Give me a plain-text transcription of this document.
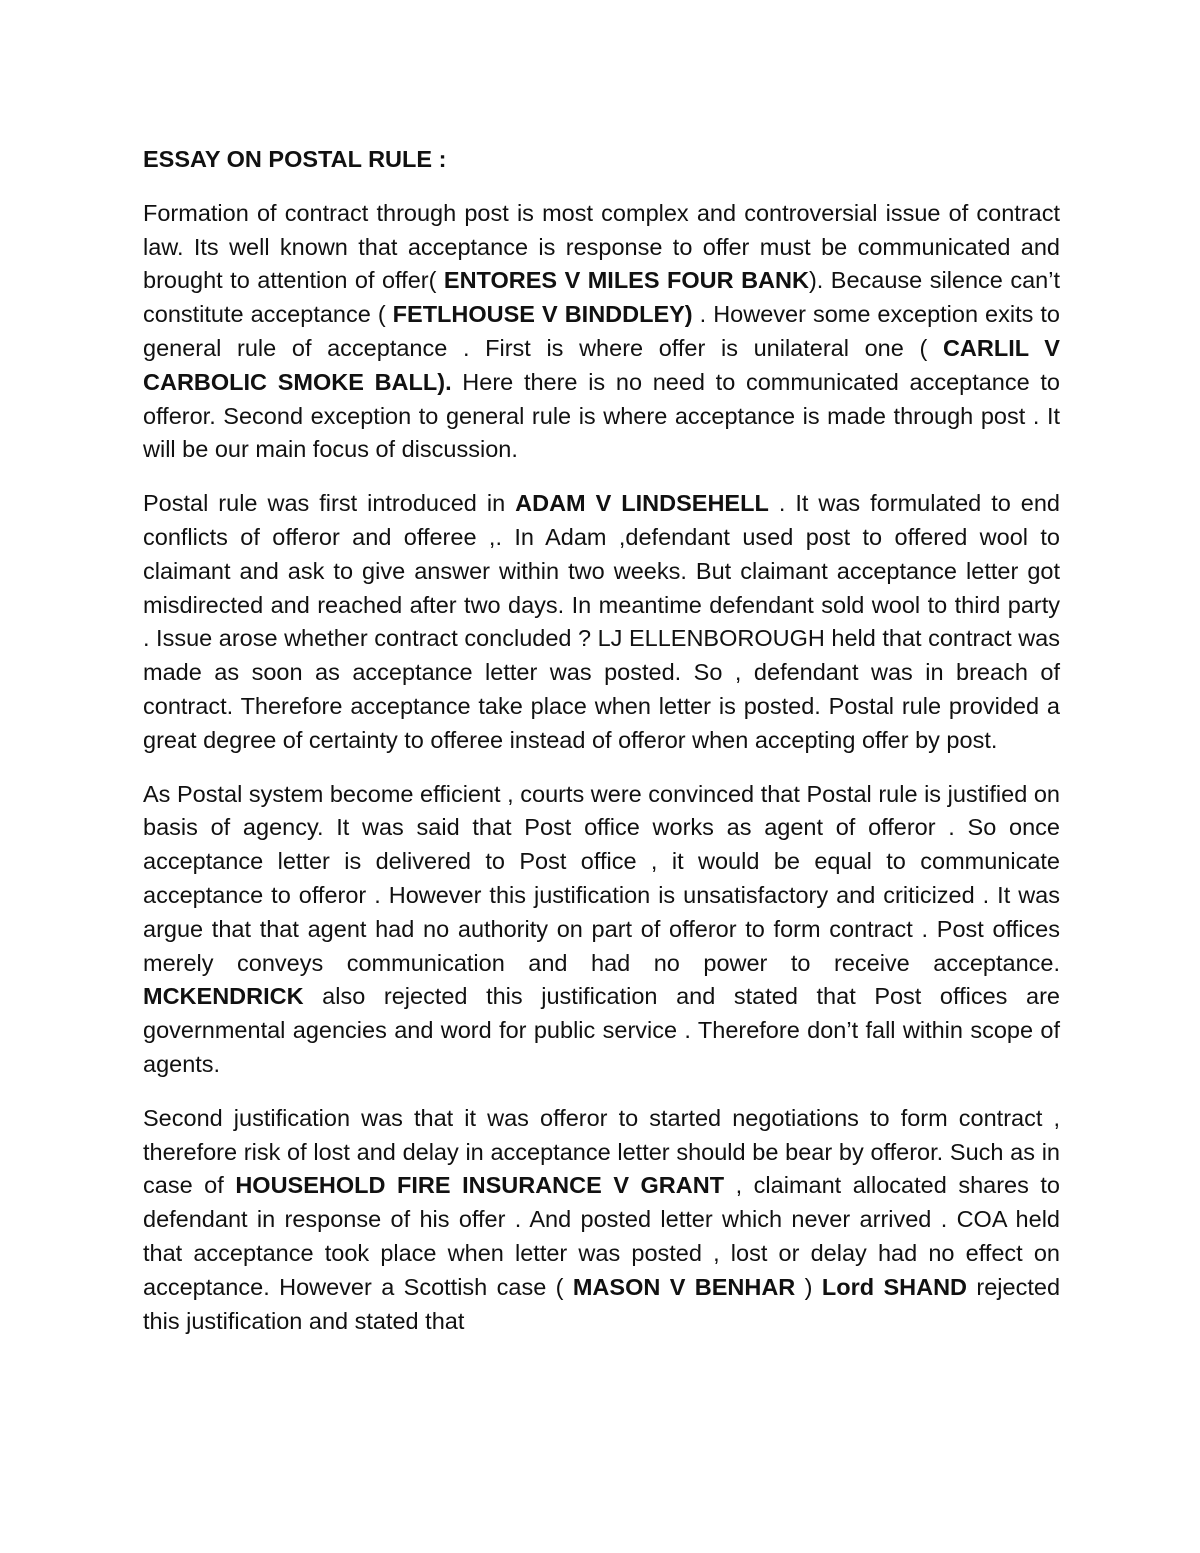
ESSAY ON POSTAL RULE :

Formation of contract through post is most complex and controversial issue of contract law. Its well known that acceptance is response to offer must be communicated and brought to attention of offer( ENTORES V MILES FOUR BANK). Because silence can’t constitute acceptance ( FETLHOUSE V BINDDLEY) . However some exception exits to general rule of acceptance . First is where offer is unilateral one ( CARLIL V CARBOLIC SMOKE BALL). Here there is no need to communicated acceptance to offeror. Second exception to general rule is where acceptance is made through post . It will be our main focus of discussion.

Postal rule was first introduced in ADAM V LINDSEHELL . It was formulated to end conflicts of offeror and offeree ,. In Adam ,defendant used post to offered wool to claimant and ask to give answer within two weeks. But claimant acceptance letter got misdirected and reached after two days. In meantime defendant sold wool to third party . Issue arose whether contract concluded ? LJ ELLENBOROUGH held that contract was made as soon as acceptance letter was posted. So , defendant was in breach of contract. Therefore acceptance take place when letter is posted. Postal rule provided a great degree of certainty to offeree instead of offeror when accepting offer by post.

As Postal system become efficient , courts were convinced that Postal rule is justified on basis of agency. It was said that Post office works as agent of offeror . So once acceptance letter is delivered to Post office , it would be equal to communicate acceptance to offeror . However this justification is unsatisfactory and criticized . It was argue that that agent had no authority on part of offeror to form contract . Post offices merely conveys communication and had no power to receive acceptance. MCKENDRICK also rejected this justification and stated that Post offices are governmental agencies and word for public service . Therefore don’t fall within scope of agents.

Second justification was that it was offeror to started negotiations to form contract , therefore risk of lost and delay in acceptance letter should be bear by offeror. Such as in case of HOUSEHOLD FIRE INSURANCE V GRANT , claimant allocated shares to defendant in response of his offer . And posted letter which never arrived . COA held that acceptance took place when letter was posted , lost or delay had no effect on acceptance. However a Scottish case ( MASON V BENHAR ) Lord SHAND rejected this justification and stated that
